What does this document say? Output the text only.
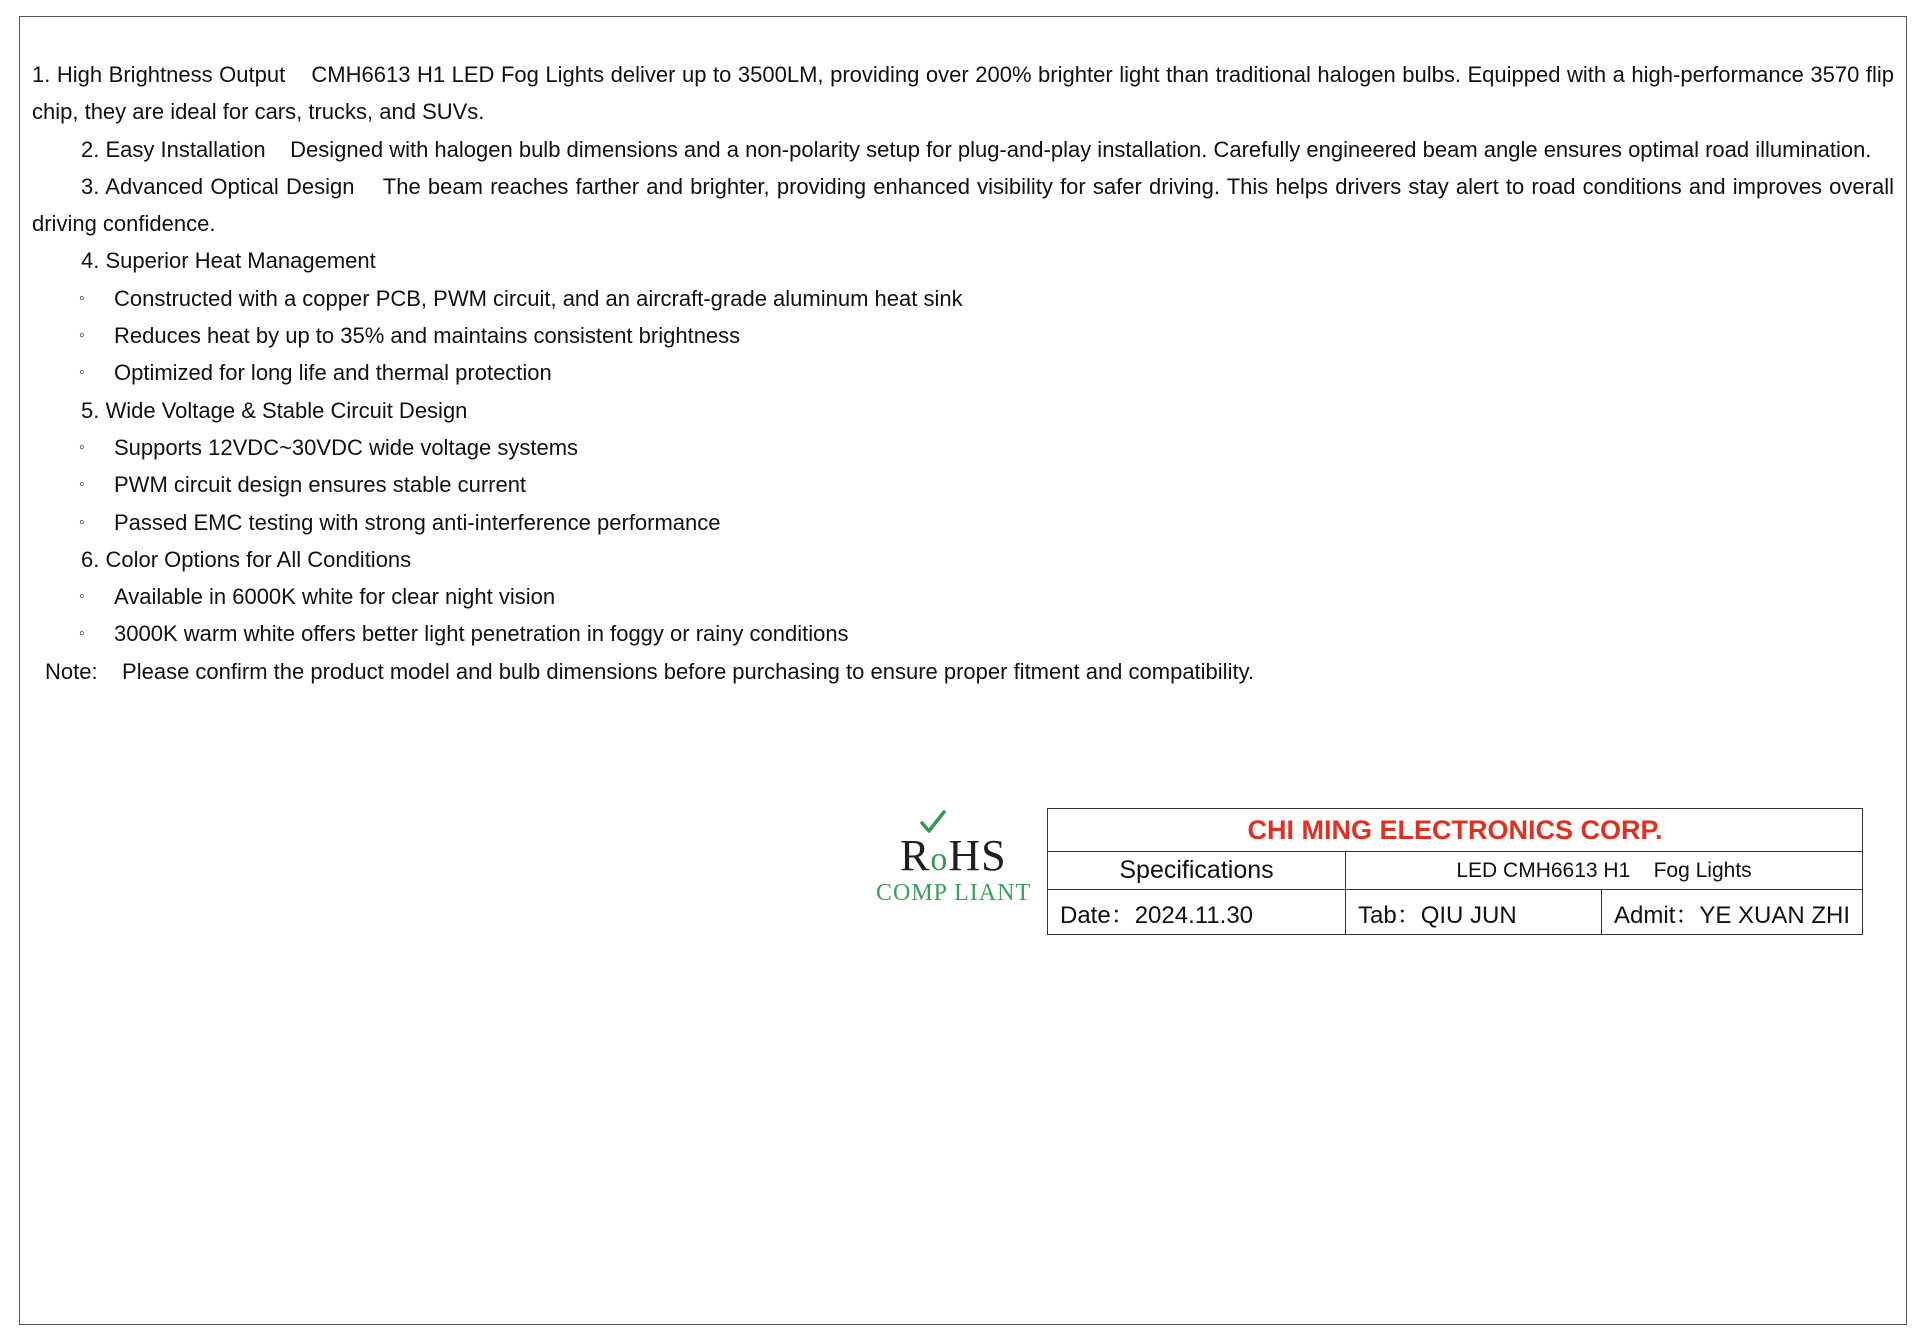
1. High Brightness Output CMH6613 H1 LED Fog Lights deliver up to 3500LM, providing over 200% brighter light than traditional halogen bulbs. Equipped with a high-performance 3570 flip chip, they are ideal for cars, trucks, and SUVs.

2. Easy Installation Designed with halogen bulb dimensions and a non-polarity setup for plug-and-play installation. Carefully engineered beam angle ensures optimal road illumination.

3. Advanced Optical Design The beam reaches farther and brighter, providing enhanced visibility for safer driving. This helps drivers stay alert to road conditions and improves overall driving confidence.

4. Superior Heat Management

◦ Constructed with a copper PCB, PWM circuit, and an aircraft-grade aluminum heat sink

◦ Reduces heat by up to 35% and maintains consistent brightness

◦ Optimized for long life and thermal protection

5. Wide Voltage & Stable Circuit Design

◦ Supports 12VDC~30VDC wide voltage systems

◦ PWM circuit design ensures stable current

◦ Passed EMC testing with strong anti-interference performance

6. Color Options for All Conditions

◦ Available in 6000K white for clear night vision

◦ 3000K warm white offers better light penetration in foggy or rainy conditions

Note: Please confirm the product model and bulb dimensions before purchasing to ensure proper fitment and compatibility.

RoHS
COMP LIANT
CHI MING ELECTRONICS CORP.		
Specifications	LED CMH6613 H1 Fog Lights	
Date：2024.11.30	Tab：QIU JUN	Admit：YE XUAN ZHI
